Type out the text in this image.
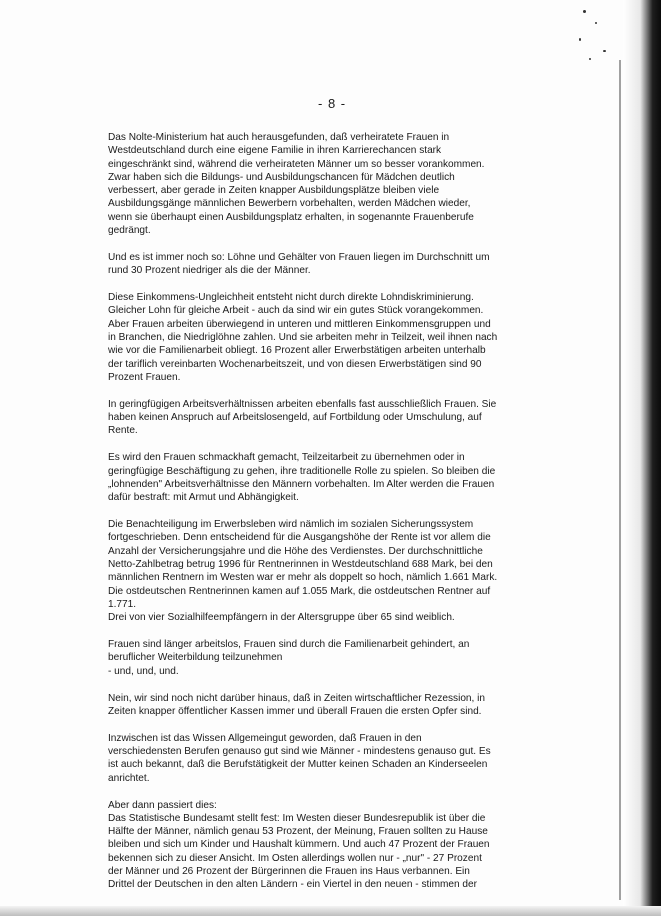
- 8 -

Das Nolte-Ministerium hat auch herausgefunden, daß verheiratete Frauen in
Westdeutschland durch eine eigene Familie in ihren Karrierechancen stark
eingeschränkt sind, während die verheirateten Männer um so besser vorankommen.
Zwar haben sich die Bildungs- und Ausbildungschancen für Mädchen deutlich
verbessert, aber gerade in Zeiten knapper Ausbildungsplätze bleiben viele
Ausbildungsgänge männlichen Bewerbern vorbehalten, werden Mädchen wieder,
wenn sie überhaupt einen Ausbildungsplatz erhalten, in sogenannte Frauenberufe
gedrängt.

Und es ist immer noch so: Löhne und Gehälter von Frauen liegen im Durchschnitt um
rund 30 Prozent niedriger als die der Männer.

Diese Einkommens-Ungleichheit entsteht nicht durch direkte Lohndiskriminierung.
Gleicher Lohn für gleiche Arbeit - auch da sind wir ein gutes Stück vorangekommen.
Aber Frauen arbeiten überwiegend in unteren und mittleren Einkommensgruppen und
in Branchen, die Niedriglöhne zahlen. Und sie arbeiten mehr in Teilzeit, weil ihnen nach
wie vor die Familienarbeit obliegt. 16 Prozent aller Erwerbstätigen arbeiten unterhalb
der tariflich vereinbarten Wochenarbeitszeit, und von diesen Erwerbstätigen sind 90
Prozent Frauen.

In geringfügigen Arbeitsverhältnissen arbeiten ebenfalls fast ausschließlich Frauen. Sie
haben keinen Anspruch auf Arbeitslosengeld, auf Fortbildung oder Umschulung, auf
Rente.

Es wird den Frauen schmackhaft gemacht, Teilzeitarbeit zu übernehmen oder in
geringfügige Beschäftigung zu gehen, ihre traditionelle Rolle zu spielen. So bleiben die
„lohnenden" Arbeitsverhältnisse den Männern vorbehalten. Im Alter werden die Frauen
dafür bestraft: mit Armut und Abhängigkeit.

Die Benachteiligung im Erwerbsleben wird nämlich im sozialen Sicherungssystem
fortgeschrieben. Denn entscheidend für die Ausgangshöhe der Rente ist vor allem die
Anzahl der Versicherungsjahre und die Höhe des Verdienstes. Der durchschnittliche
Netto-Zahlbetrag betrug 1996 für Rentnerinnen in Westdeutschland 688 Mark, bei den
männlichen Rentnern im Westen war er mehr als doppelt so hoch, nämlich 1.661 Mark.
Die ostdeutschen Rentnerinnen kamen auf 1.055 Mark, die ostdeutschen Rentner auf
1.771.
Drei von vier Sozialhilfeempfängern in der Altersgruppe über 65 sind weiblich.

Frauen sind länger arbeitslos, Frauen sind durch die Familienarbeit gehindert, an
beruflicher Weiterbildung teilzunehmen
- und, und, und.

Nein, wir sind noch nicht darüber hinaus, daß in Zeiten wirtschaftlicher Rezession, in
Zeiten knapper öffentlicher Kassen immer und überall Frauen die ersten Opfer sind.

Inzwischen ist das Wissen Allgemeingut geworden, daß Frauen in den
verschiedensten Berufen genauso gut sind wie Männer - mindestens genauso gut. Es
ist auch bekannt, daß die Berufstätigkeit der Mutter keinen Schaden an Kinderseelen
anrichtet.

Aber dann passiert dies:
Das Statistische Bundesamt stellt fest: Im Westen dieser Bundesrepublik ist über die
Hälfte der Männer, nämlich genau 53 Prozent, der Meinung, Frauen sollten zu Hause
bleiben und sich um Kinder und Haushalt kümmern. Und auch 47 Prozent der Frauen
bekennen sich zu dieser Ansicht. Im Osten allerdings wollen nur - „nur" - 27 Prozent
der Männer und 26 Prozent der Bürgerinnen die Frauen ins Haus verbannen. Ein
Drittel der Deutschen in den alten Ländern - ein Viertel in den neuen - stimmen der
